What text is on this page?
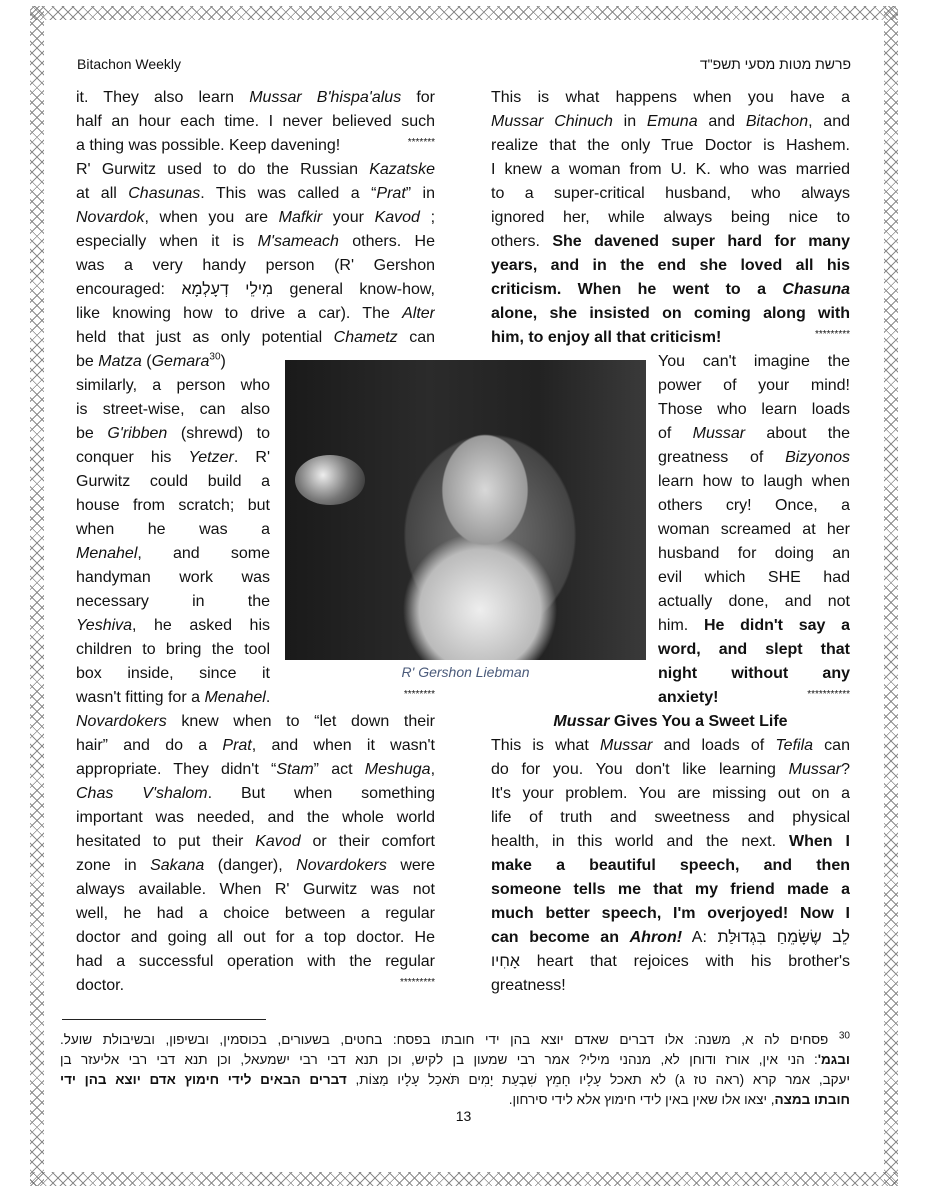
Bitachon Weekly	פרשת מטות מסעי תשפ"ד
it. They also learn Mussar B'hispa'alus for
half an hour each time. I never believed such
a thing was possible. Keep davening!	*******
R' Gurwitz used to do the Russian Kazatske
at all Chasunas. This was called a “Prat” in
Novardok, when you are Mafkir your Kavod ;
especially when it is M'sameach others. He
was a very handy person (R' Gershon
encouraged: מִילֵי דְעָלְמָא general know-how,
like knowing how to drive a car). The Alter
held that just as only potential Chametz can
be Matza (Gemara$^{30}$)
similarly, a person who
is street-wise, can also
be G'ribben (shrewd) to
conquer his Yetzer. R'
Gurwitz could build a
house from scratch; but
when he was a
Menahel, and some
handyman work was
necessary in the
Yeshiva, he asked his
children to bring the tool
box inside, since it
wasn't fitting for a Menahel.	********
Novardokers knew when to “let down their
hair” and do a Prat, and when it wasn't
appropriate. They didn't “Stam” act Meshuga,
Chas V'shalom. But when something
important was needed, and the whole world
hesitated to put their Kavod or their comfort
zone in Sakana (danger), Novardokers were
always available. When R' Gurwitz was not
well, he had a choice between a regular
doctor and going all out for a top doctor. He
had a successful operation with the regular
doctor.	*********
This is what happens when you have a
Mussar Chinuch in Emuna and Bitachon, and
realize that the only True Doctor is Hashem.
I knew a woman from U. K. who was married
to a super-critical husband, who always
ignored her, while always being nice to
others. She davened super hard for many
years, and in the end she loved all his
criticism. When he went to a Chasuna
alone, she insisted on coming along with
him, to enjoy all that criticism!	*********
You can't imagine the
power of your mind!
Those who learn loads
of Mussar about the
greatness of Bizyonos
learn how to laugh when
others cry! Once, a
woman screamed at her
husband for doing an
evil which SHE had
actually done, and not
him. He didn't say a
word, and slept that
night without any
anxiety!	***********
Mussar Gives You a Sweet Life
This is what Mussar and loads of Tefila can
do for you. You don't like learning Mussar?
It's your problem. You are missing out on a
life of truth and sweetness and physical
health, in this world and the next. When I
make a beautiful speech, and then
someone tells me that my friend made a
much better speech, I'm overjoyed! Now I
can become an Ahron! A: לֵב שֶׂשָּׂמֵחַ בִּגְדוּלַּת
אָחִיו heart that rejoices with his brother's
greatness!
R' Gershon Liebman
$^{30}$ פסחים לה א, משנה: אלו דברים שאדם יוצא בהן ידי חובתו בפסח: בחטים, בשעורים, בכוסמין, ובשיפון, ובשיבולת שועל.
ובגמ': הני אין, אורז ודוחן לא, מנהני מילי? אמר רבי שמעון בן לקיש, וכן תנא דבי רבי ישמעאל, וכן תנא דבי רבי אליעזר בן
יעקב, אמר קרא (ראה טז ג) לא תאכל עָלָיו חָמֵץ שִׁבְעַת יָמִים תֹּאכַל עָלָיו מַצּוֹת, דברים הבאים לידי חימוץ אדם יוצא בהן ידי
חובתו במצה, יצאו אלו שאין באין לידי חימוץ אלא לידי סירחון.
13
